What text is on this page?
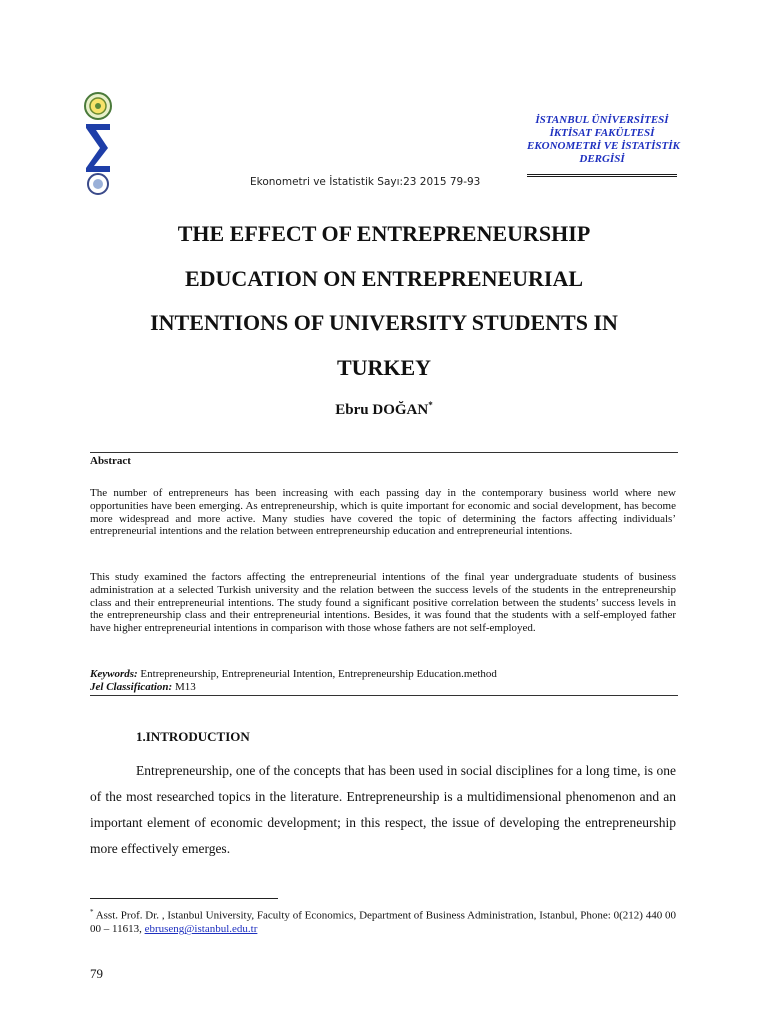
İSTANBUL ÜNİVERSİTESİ
İKTİSAT FAKÜLTESİ
EKONOMETRİ VE İSTATİSTİK
DERGİSİ
Ekonometri ve İstatistik Sayı:23 2015 79-93
THE EFFECT OF ENTREPRENEURSHIP
EDUCATION ON ENTREPRENEURIAL
INTENTIONS OF UNIVERSITY STUDENTS IN
TURKEY
Ebru DOĞAN*
Abstract
The number of entrepreneurs has been increasing with each passing day in the contemporary business world where new opportunities have been emerging. As entrepreneurship, which is quite important for economic and social development, has become more widespread and more active. Many studies have covered the topic of determining the factors affecting individuals’ entrepreneurial intentions and the relation between entrepreneurship education and entrepreneurial intentions.
This study examined the factors affecting the entrepreneurial intentions of the final year undergraduate students of business administration at a selected Turkish university and the relation between the success levels of the students in the entrepreneurship class and their entrepreneurial intentions. The study found a significant positive correlation between the students’ success levels in the entrepreneurship class and their entrepreneurial intentions. Besides, it was found that the students with a self-employed father have higher entrepreneurial intentions in comparison with those whose fathers are not self-employed.
Keywords: Entrepreneurship, Entrepreneurial Intention, Entrepreneurship Education.method
Jel Classification: M13
1.INTRODUCTION
Entrepreneurship, one of the concepts that has been used in social disciplines for a long time, is one of the most researched topics in the literature. Entrepreneurship is a multidimensional phenomenon and an important element of economic development; in this respect, the issue of developing the entrepreneurship more effectively emerges.
* Asst. Prof. Dr. , Istanbul University, Faculty of Economics, Department of Business Administration, Istanbul, Phone: 0(212) 440 00 00 – 11613, ebruseng@istanbul.edu.tr
79
